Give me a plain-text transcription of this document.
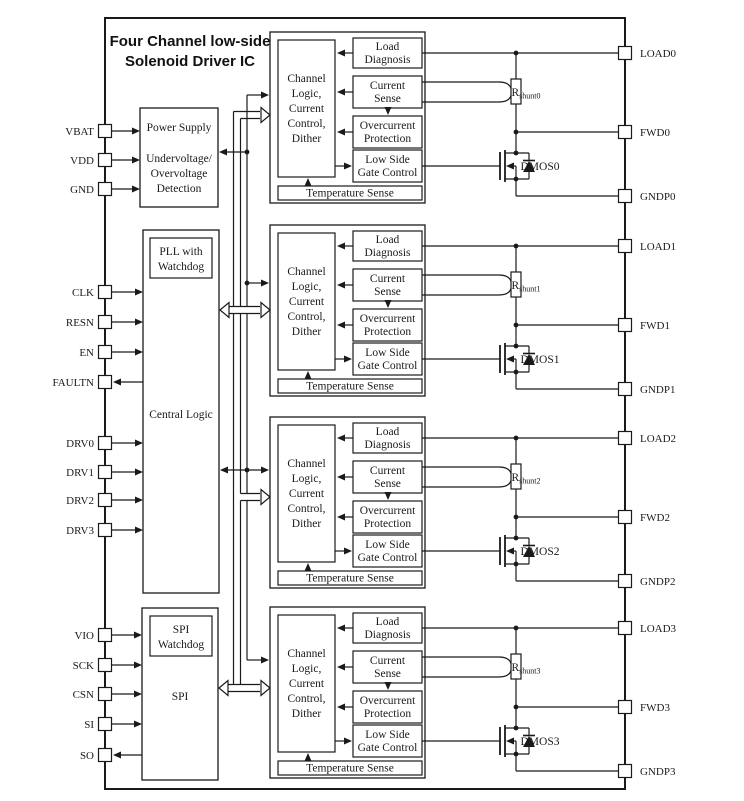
Four Channel low-side
Solenoid Driver IC
Power Supply
Undervoltage/
Overvoltage
Detection
PLL with
Watchdog
Central Logic
SPI
Watchdog
SPI
VBAT
VDD
GND
CLK
RESN
EN
FAULTN
DRV0
DRV1
DRV2
DRV3
VIO
SCK
CSN
SI
SO
LOAD0
FWD0
GNDP0
LOAD1
FWD1
GNDP1
LOAD2
FWD2
GNDP2
LOAD3
FWD3
GNDP3
Channel
Logic,
Current
Control,
Dither
Load
Diagnosis
Current
Sense
Overcurrent
Protection
Low Side
Gate Control
Temperature Sense
$R_{shunt0}$
DMOS0
Channel
Logic,
Current
Control,
Dither
Load
Diagnosis
Current
Sense
Overcurrent
Protection
Low Side
Gate Control
Temperature Sense
$R_{shunt1}$
DMOS1
Channel
Logic,
Current
Control,
Dither
Load
Diagnosis
Current
Sense
Overcurrent
Protection
Low Side
Gate Control
Temperature Sense
$R_{shunt2}$
DMOS2
Channel
Logic,
Current
Control,
Dither
Load
Diagnosis
Current
Sense
Overcurrent
Protection
Low Side
Gate Control
Temperature Sense
$R_{shunt3}$
DMOS3
